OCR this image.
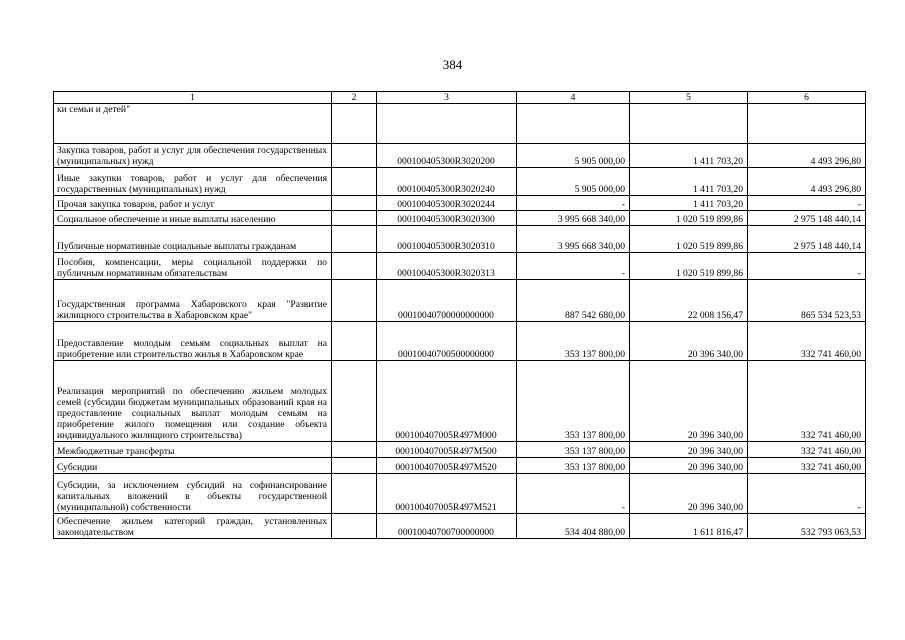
384
1	2	3	4	5	6
ки семьи и детей"					
Закупка товаров, работ и услуг для обеспечения государственных (муниципальных) нужд		000100405300R3020200	5 905 000,00	1 411 703,20	4 493 296,80
Иные закупки товаров, работ и услуг для обеспечения государственных (муниципальных) нужд		000100405300R3020240	5 905 000,00	1 411 703,20	4 493 296,80
Прочая закупка товаров, работ и услуг		000100405300R3020244	-	1 411 703,20	-
Социальное обеспечение и иные выплаты населению		000100405300R3020300	3 995 668 340,00	1 020 519 899,86	2 975 148 440,14
Публичные нормативные социальные выплаты гражданам		000100405300R3020310	3 995 668 340,00	1 020 519 899,86	2 975 148 440,14
Пособия, компенсации, меры социальной поддержки по публичным нормативным обязательствам		000100405300R3020313	-	1 020 519 899,86	-
Государственная программа Хабаровского края "Развитие жилищного строительства в Хабаровском крае"		00010040700000000000	887 542 680,00	22 008 156,47	865 534 523,53
Предоставление молодым семьям социальных выплат на приобретение или строительство жилья в Хабаровском крае		00010040700500000000	353 137 800,00	20 396 340,00	332 741 460,00
Реализация мероприятий по обеспечению жильем молодых семей (субсидии бюджетам муниципальных образований края на предоставление социальных выплат молодым семьям на приобретение жилого помещения или создание объекта индивидуального жилищного строительства)		000100407005R497M000	353 137 800,00	20 396 340,00	332 741 460,00
Межбюджетные трансферты		000100407005R497M500	353 137 800,00	20 396 340,00	332 741 460,00
Субсидии		000100407005R497M520	353 137 800,00	20 396 340,00	332 741 460,00
Субсидии, за исключением субсидий на софинансирование капитальных вложений в объекты государственной (муниципальной) собственности		000100407005R497M521	-	20 396 340,00	-
Обеспечение жильем категорий граждан, установленных законодательством		00010040700700000000	534 404 880,00	1 611 816,47	532 793 063,53
